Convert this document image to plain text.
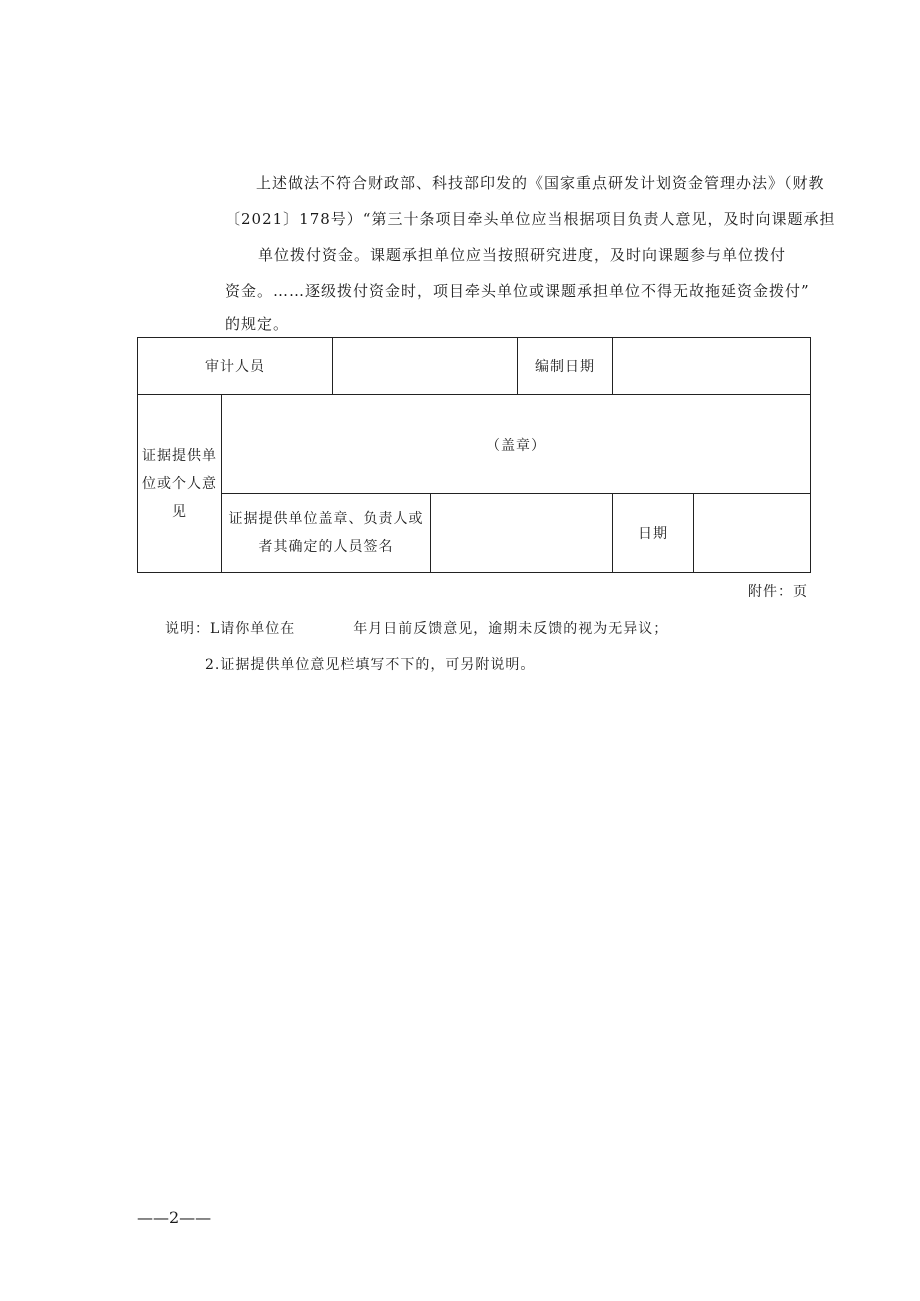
上述做法不符合财政部、科技部印发的《国家重点研发计划资金管理办法》（财教
〔2021〕178号）“第三十条项目牵头单位应当根据项目负责人意见，及时向课题承担
单位拨付资金。课题承担单位应当按照研究进度，及时向课题参与单位拨付
资金。……逐级拨付资金时，项目牵头单位或课题承担单位不得无故拖延资金拨付”
的规定。
审计人员				编制日期		
证据提供单位或个人意见	（盖章）					
	证据提供单位盖章、负责人或者其确定的人员签名				日期	
附件：页
说明：L请你单位在	年月日前反馈意见，逾期未反馈的视为无异议；
2.证据提供单位意见栏填写不下的，可另附说明。
——2——
